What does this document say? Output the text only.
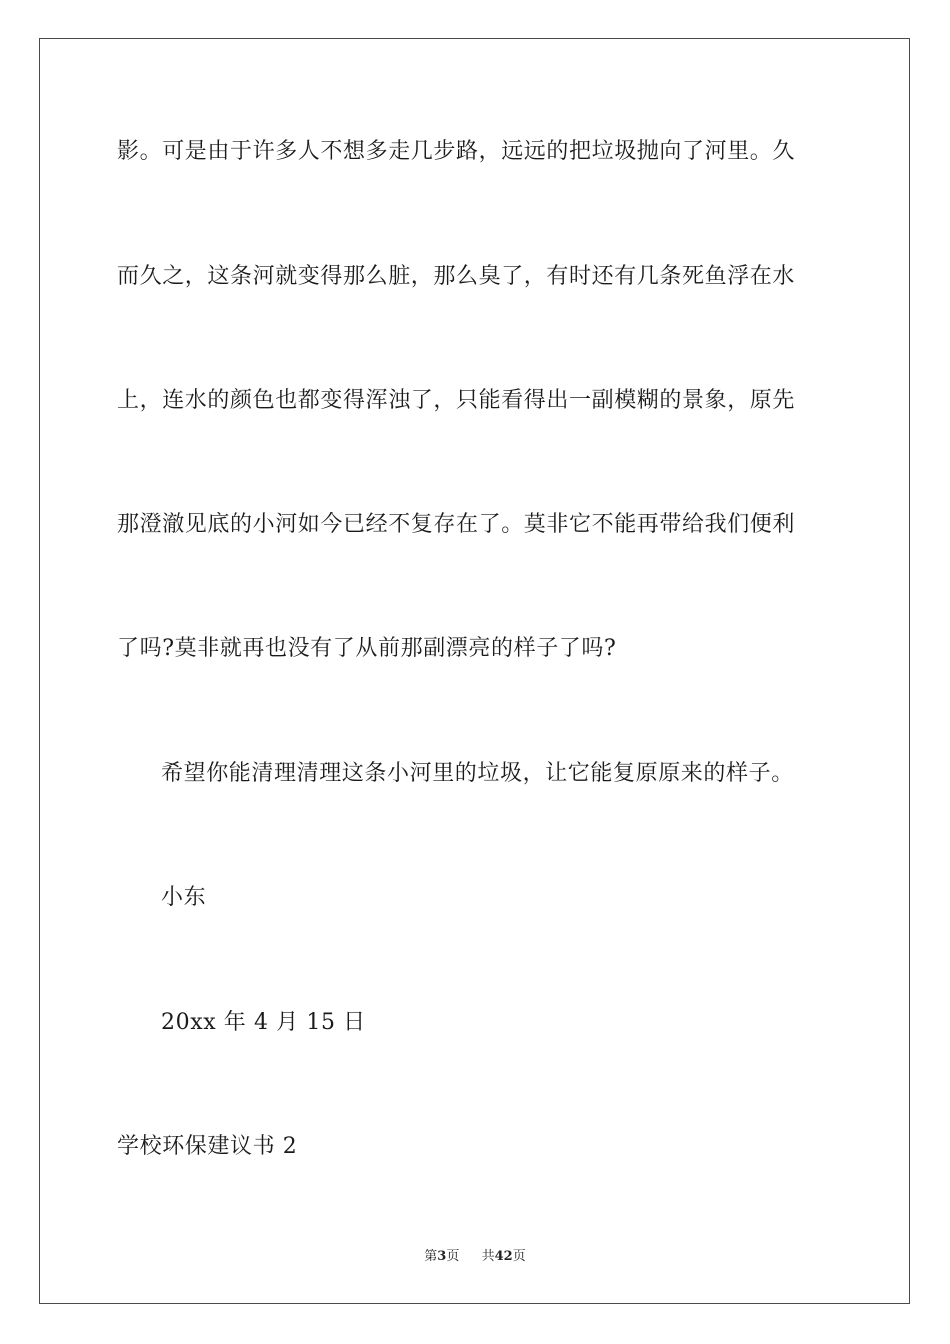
影。可是由于许多人不想多走几步路，远远的把垃圾抛向了河里。久
而久之，这条河就变得那么脏，那么臭了，有时还有几条死鱼浮在水
上，连水的颜色也都变得浑浊了，只能看得出一副模糊的景象，原先
那澄澈见底的小河如今已经不复存在了。莫非它不能再带给我们便利
了吗?莫非就再也没有了从前那副漂亮的样子了吗?
希望你能清理清理这条小河里的垃圾，让它能复原原来的样子。
小东
20xx 年 4 月 15 日
学校环保建议书 2
第3页 共42页
